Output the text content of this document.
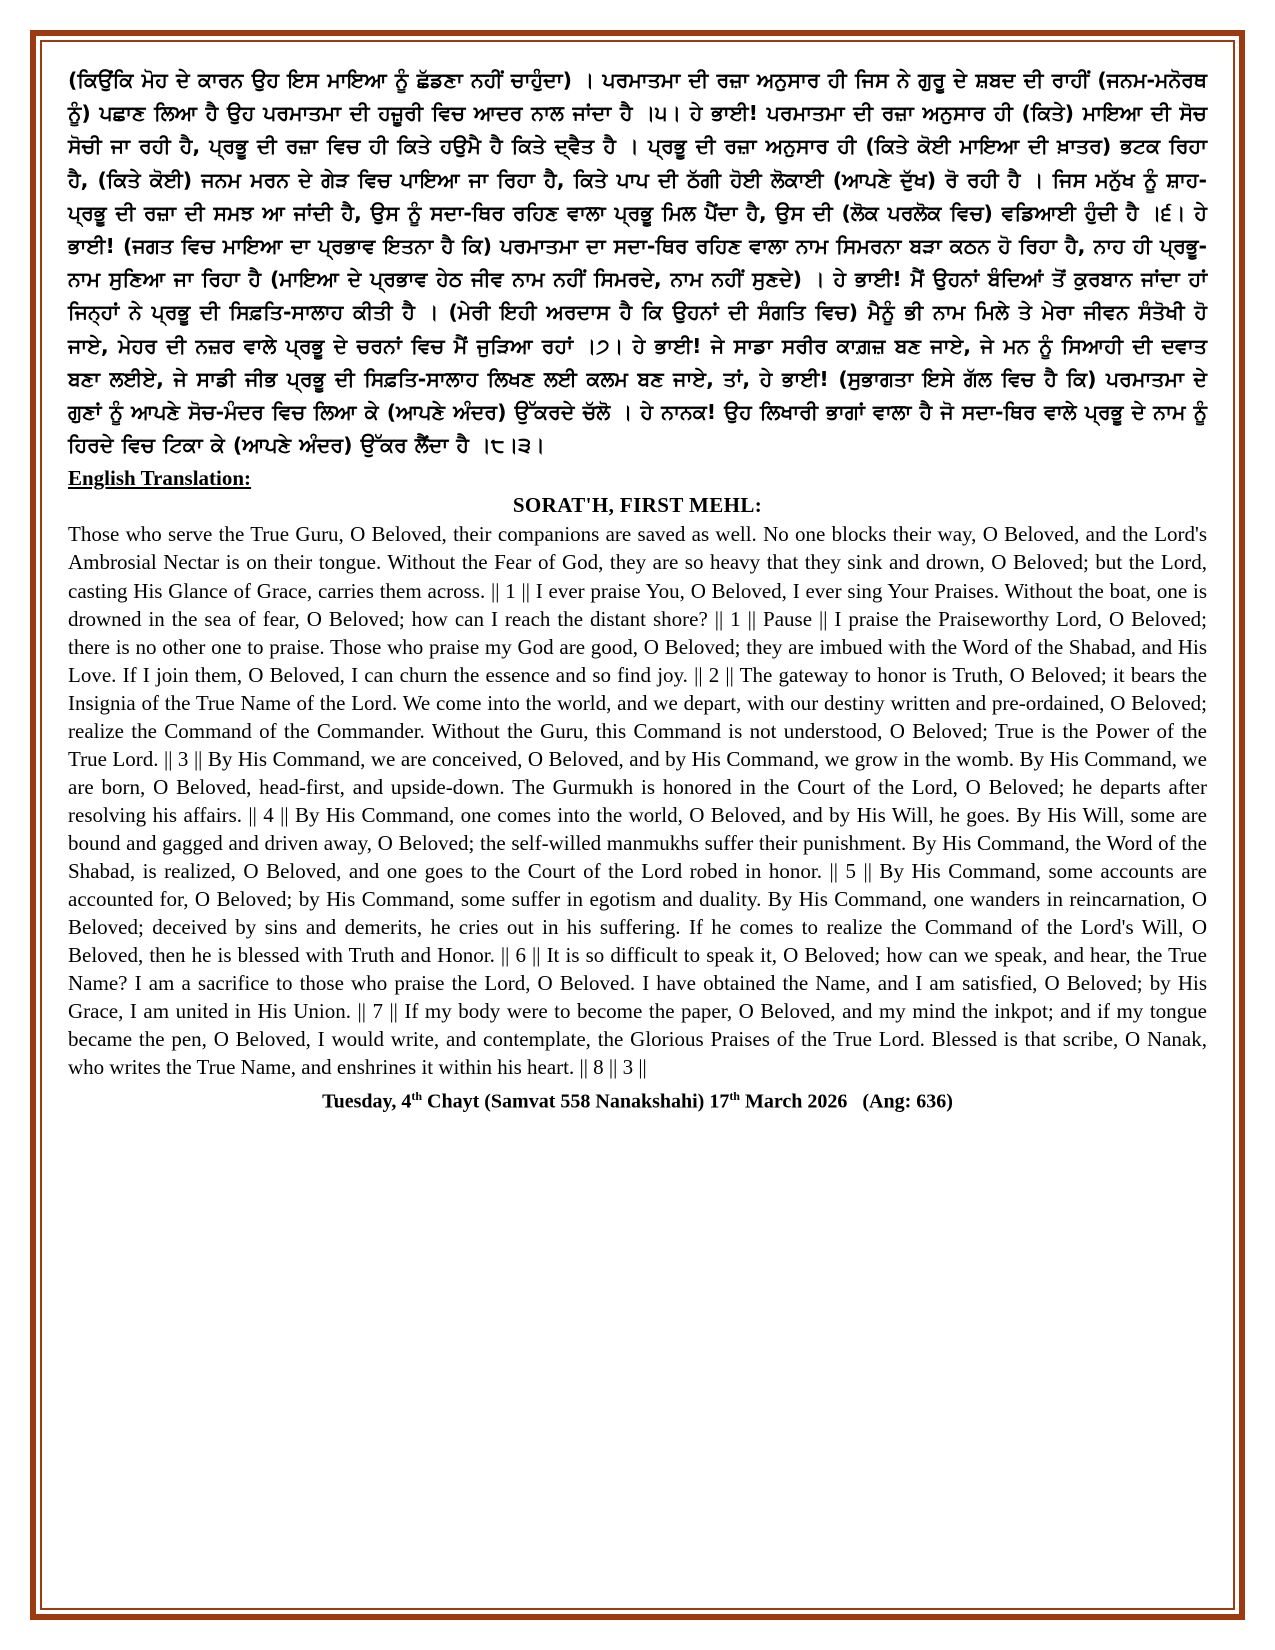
(ਕਿਉਂਕਿ ਮੋਹ ਦੇ ਕਾਰਨ ਉਹ ਇਸ ਮਾਇਆ ਨੂੰ ਛੱਡਣਾ ਨਹੀਂ ਚਾਹੁੰਦਾ) । ਪਰਮਾਤਮਾ ਦੀ ਰਜ਼ਾ ਅਨੁਸਾਰ ਹੀ ਜਿਸ ਨੇ ਗੁਰੂ ਦੇ ਸ਼ਬਦ ਦੀ ਰਾਹੀਂ (ਜਨਮ-ਮਨੋਰਥ ਨੂੰ) ਪਛਾਣ ਲਿਆ ਹੈ ਉਹ ਪਰਮਾਤਮਾ ਦੀ ਹਜ਼ੂਰੀ ਵਿਚ ਆਦਰ ਨਾਲ ਜਾਂਦਾ ਹੈ ।੫। ਹੇ ਭਾਈ! ਪਰਮਾਤਮਾ ਦੀ ਰਜ਼ਾ ਅਨੁਸਾਰ ਹੀ (ਕਿਤੇ) ਮਾਇਆ ਦੀ ਸੋਚ ਸੋਚੀ ਜਾ ਰਹੀ ਹੈ, ਪ੍ਰਭੂ ਦੀ ਰਜ਼ਾ ਵਿਚ ਹੀ ਕਿਤੇ ਹਉਮੈ ਹੈ ਕਿਤੇ ਦ੍ਵੈਤ ਹੈ । ਪ੍ਰਭੂ ਦੀ ਰਜ਼ਾ ਅਨੁਸਾਰ ਹੀ (ਕਿਤੇ ਕੋਈ ਮਾਇਆ ਦੀ ਖ਼ਾਤਰ) ਭਟਕ ਰਿਹਾ ਹੈ, (ਕਿਤੇ ਕੋਈ) ਜਨਮ ਮਰਨ ਦੇ ਗੇੜ ਵਿਚ ਪਾਇਆ ਜਾ ਰਿਹਾ ਹੈ, ਕਿਤੇ ਪਾਪ ਦੀ ਠੱਗੀ ਹੋਈ ਲੋਕਾਈ (ਆਪਣੇ ਦੁੱਖ) ਰੋ ਰਹੀ ਹੈ । ਜਿਸ ਮਨੁੱਖ ਨੂੰ ਸ਼ਾਹ-ਪ੍ਰਭੂ ਦੀ ਰਜ਼ਾ ਦੀ ਸਮਝ ਆ ਜਾਂਦੀ ਹੈ, ਉਸ ਨੂੰ ਸਦਾ-ਥਿਰ ਰਹਿਣ ਵਾਲਾ ਪ੍ਰਭੂ ਮਿਲ ਪੈਂਦਾ ਹੈ, ਉਸ ਦੀ (ਲੋਕ ਪਰਲੋਕ ਵਿਚ) ਵਡਿਆਈ ਹੁੰਦੀ ਹੈ ।੬। ਹੇ ਭਾਈ! (ਜਗਤ ਵਿਚ ਮਾਇਆ ਦਾ ਪ੍ਰਭਾਵ ਇਤਨਾ ਹੈ ਕਿ) ਪਰਮਾਤਮਾ ਦਾ ਸਦਾ-ਥਿਰ ਰਹਿਣ ਵਾਲਾ ਨਾਮ ਸਿਮਰਨਾ ਬੜਾ ਕਠਨ ਹੋ ਰਿਹਾ ਹੈ, ਨਾਹ ਹੀ ਪ੍ਰਭੂ-ਨਾਮ ਸੁਣਿਆ ਜਾ ਰਿਹਾ ਹੈ (ਮਾਇਆ ਦੇ ਪ੍ਰਭਾਵ ਹੇਠ ਜੀਵ ਨਾਮ ਨਹੀਂ ਸਿਮਰਦੇ, ਨਾਮ ਨਹੀਂ ਸੁਣਦੇ) । ਹੇ ਭਾਈ! ਮੈਂ ਉਹਨਾਂ ਬੰਦਿਆਂ ਤੋਂ ਕੁਰਬਾਨ ਜਾਂਦਾ ਹਾਂ ਜਿਨ੍ਹਾਂ ਨੇ ਪ੍ਰਭੂ ਦੀ ਸਿਫ਼ਤਿ-ਸਾਲਾਹ ਕੀਤੀ ਹੈ । (ਮੇਰੀ ਇਹੀ ਅਰਦਾਸ ਹੈ ਕਿ ਉਹਨਾਂ ਦੀ ਸੰਗਤਿ ਵਿਚ) ਮੈਨੂੰ ਭੀ ਨਾਮ ਮਿਲੇ ਤੇ ਮੇਰਾ ਜੀਵਨ ਸੰਤੋਖੀ ਹੋ ਜਾਏ, ਮੇਹਰ ਦੀ ਨਜ਼ਰ ਵਾਲੇ ਪ੍ਰਭੂ ਦੇ ਚਰਨਾਂ ਵਿਚ ਮੈਂ ਜੁੜਿਆ ਰਹਾਂ ।੭। ਹੇ ਭਾਈ! ਜੇ ਸਾਡਾ ਸਰੀਰ ਕਾਗ਼ਜ਼ ਬਣ ਜਾਏ, ਜੇ ਮਨ ਨੂੰ ਸਿਆਹੀ ਦੀ ਦਵਾਤ ਬਣਾ ਲਈਏ, ਜੇ ਸਾਡੀ ਜੀਭ ਪ੍ਰਭੂ ਦੀ ਸਿਫ਼ਤਿ-ਸਾਲਾਹ ਲਿਖਣ ਲਈ ਕਲਮ ਬਣ ਜਾਏ, ਤਾਂ, ਹੇ ਭਾਈ! (ਸੁਭਾਗਤਾ ਇਸੇ ਗੱਲ ਵਿਚ ਹੈ ਕਿ) ਪਰਮਾਤਮਾ ਦੇ ਗੁਣਾਂ ਨੂੰ ਆਪਣੇ ਸੋਚ-ਮੰਦਰ ਵਿਚ ਲਿਆ ਕੇ (ਆਪਣੇ ਅੰਦਰ) ਉੱਕਰਦੇ ਚੱਲੋ । ਹੇ ਨਾਨਕ! ਉਹ ਲਿਖਾਰੀ ਭਾਗਾਂ ਵਾਲਾ ਹੈ ਜੋ ਸਦਾ-ਥਿਰ ਵਾਲੇ ਪ੍ਰਭੂ ਦੇ ਨਾਮ ਨੂੰ ਹਿਰਦੇ ਵਿਚ ਟਿਕਾ ਕੇ (ਆਪਣੇ ਅੰਦਰ) ਉੱਕਰ ਲੈਂਦਾ ਹੈ ।੮।੩।
English Translation:
SORAT'H, FIRST MEHL:
Those who serve the True Guru, O Beloved, their companions are saved as well. No one blocks their way, O Beloved, and the Lord's Ambrosial Nectar is on their tongue. Without the Fear of God, they are so heavy that they sink and drown, O Beloved; but the Lord, casting His Glance of Grace, carries them across. || 1 || I ever praise You, O Beloved, I ever sing Your Praises. Without the boat, one is drowned in the sea of fear, O Beloved; how can I reach the distant shore? || 1 || Pause || I praise the Praiseworthy Lord, O Beloved; there is no other one to praise. Those who praise my God are good, O Beloved; they are imbued with the Word of the Shabad, and His Love. If I join them, O Beloved, I can churn the essence and so find joy. || 2 || The gateway to honor is Truth, O Beloved; it bears the Insignia of the True Name of the Lord. We come into the world, and we depart, with our destiny written and pre-ordained, O Beloved; realize the Command of the Commander. Without the Guru, this Command is not understood, O Beloved; True is the Power of the True Lord. || 3 || By His Command, we are conceived, O Beloved, and by His Command, we grow in the womb. By His Command, we are born, O Beloved, head-first, and upside-down. The Gurmukh is honored in the Court of the Lord, O Beloved; he departs after resolving his affairs. || 4 || By His Command, one comes into the world, O Beloved, and by His Will, he goes. By His Will, some are bound and gagged and driven away, O Beloved; the self-willed manmukhs suffer their punishment. By His Command, the Word of the Shabad, is realized, O Beloved, and one goes to the Court of the Lord robed in honor. || 5 || By His Command, some accounts are accounted for, O Beloved; by His Command, some suffer in egotism and duality. By His Command, one wanders in reincarnation, O Beloved; deceived by sins and demerits, he cries out in his suffering. If he comes to realize the Command of the Lord's Will, O Beloved, then he is blessed with Truth and Honor. || 6 || It is so difficult to speak it, O Beloved; how can we speak, and hear, the True Name? I am a sacrifice to those who praise the Lord, O Beloved. I have obtained the Name, and I am satisfied, O Beloved; by His Grace, I am united in His Union. || 7 || If my body were to become the paper, O Beloved, and my mind the inkpot; and if my tongue became the pen, O Beloved, I would write, and contemplate, the Glorious Praises of the True Lord. Blessed is that scribe, O Nanak, who writes the True Name, and enshrines it within his heart. || 8 || 3 ||
Tuesday, 4th Chayt (Samvat 558 Nanakshahi) 17th March 2026 (Ang: 636)
